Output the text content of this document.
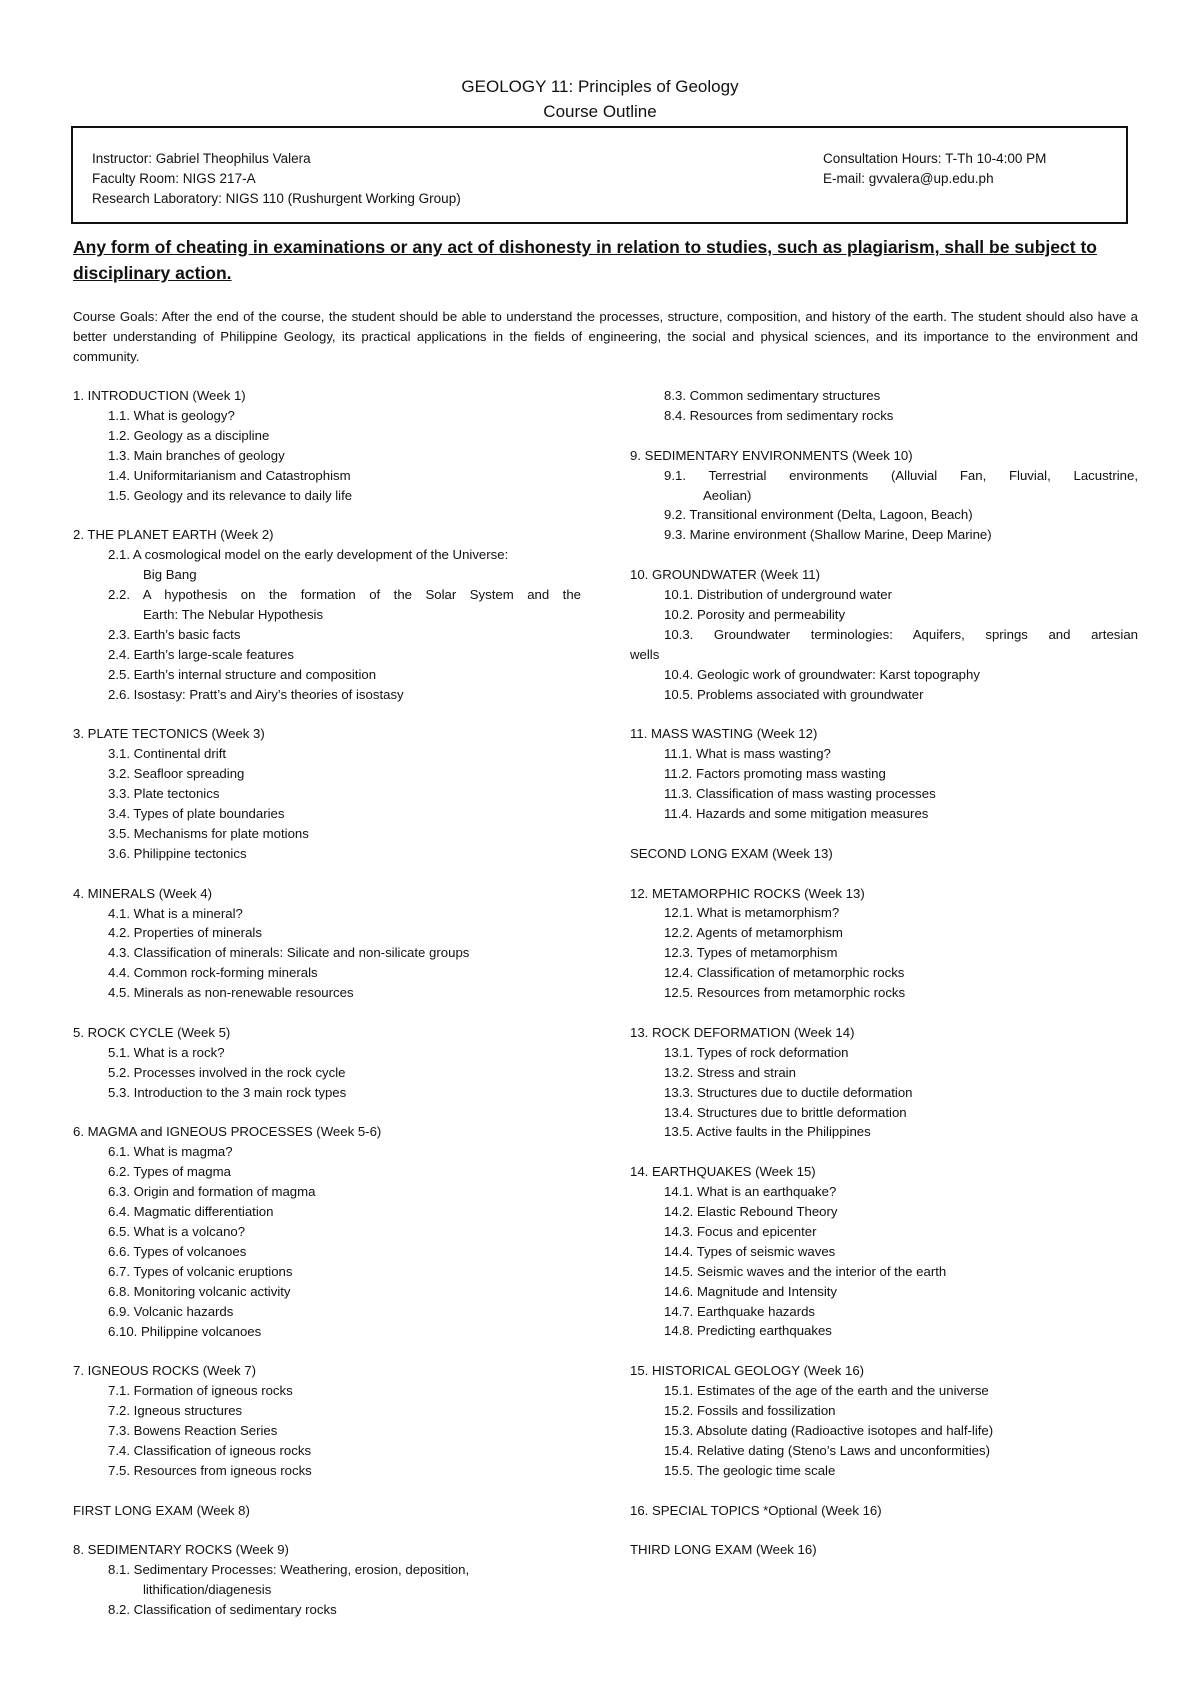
GEOLOGY 11: Principles of Geology
Course Outline
Instructor: Gabriel Theophilus Valera
Faculty Room: NIGS 217-A
Research Laboratory: NIGS 110 (Rushurgent Working Group)
Consultation Hours: T-Th 10-4:00 PM
E-mail: gvvalera@up.edu.ph
Any form of cheating in examinations or any act of dishonesty in relation to studies, such as plagiarism, shall be subject to disciplinary action.
Course Goals: After the end of the course, the student should be able to understand the processes, structure, composition, and history of the earth. The student should also have a better understanding of Philippine Geology, its practical applications in the fields of engineering, the social and physical sciences, and its importance to the environment and community.
1. INTRODUCTION (Week 1)
1.1. What is geology?
1.2. Geology as a discipline
1.3. Main branches of geology
1.4. Uniformitarianism and Catastrophism
1.5. Geology and its relevance to daily life
2. THE PLANET EARTH (Week 2)
2.1. A cosmological model on the early development of the Universe:
Big Bang
2.2. A hypothesis on the formation of the Solar System and the
Earth: The Nebular Hypothesis
2.3. Earth’s basic facts
2.4. Earth’s large-scale features
2.5. Earth’s internal structure and composition
2.6. Isostasy: Pratt’s and Airy’s theories of isostasy
3. PLATE TECTONICS (Week 3)
3.1. Continental drift
3.2. Seafloor spreading
3.3. Plate tectonics
3.4. Types of plate boundaries
3.5. Mechanisms for plate motions
3.6. Philippine tectonics
4. MINERALS (Week 4)
4.1. What is a mineral?
4.2. Properties of minerals
4.3. Classification of minerals: Silicate and non-silicate groups
4.4. Common rock-forming minerals
4.5. Minerals as non-renewable resources
5. ROCK CYCLE (Week 5)
5.1. What is a rock?
5.2. Processes involved in the rock cycle
5.3. Introduction to the 3 main rock types
6. MAGMA and IGNEOUS PROCESSES (Week 5-6)
6.1. What is magma?
6.2. Types of magma
6.3. Origin and formation of magma
6.4. Magmatic differentiation
6.5. What is a volcano?
6.6. Types of volcanoes
6.7. Types of volcanic eruptions
6.8. Monitoring volcanic activity
6.9. Volcanic hazards
6.10. Philippine volcanoes
7. IGNEOUS ROCKS (Week 7)
7.1. Formation of igneous rocks
7.2. Igneous structures
7.3. Bowens Reaction Series
7.4. Classification of igneous rocks
7.5. Resources from igneous rocks
FIRST LONG EXAM (Week 8)
8. SEDIMENTARY ROCKS (Week 9)
8.1. Sedimentary Processes: Weathering, erosion, deposition,
lithification/diagenesis
8.2. Classification of sedimentary rocks
8.3. Common sedimentary structures
8.4. Resources from sedimentary rocks
9. SEDIMENTARY ENVIRONMENTS (Week 10)
9.1.  Terrestrial  environments  (Alluvial  Fan,  Fluvial,  Lacustrine,
Aeolian)
9.2. Transitional environment (Delta, Lagoon, Beach)
9.3. Marine environment (Shallow Marine, Deep Marine)
10. GROUNDWATER (Week 11)
10.1. Distribution of underground water
10.2. Porosity and permeability
10.3.  Groundwater  terminologies:  Aquifers,  springs  and  artesian
wells
10.4. Geologic work of groundwater: Karst topography
10.5. Problems associated with groundwater
11. MASS WASTING (Week 12)
11.1. What is mass wasting?
11.2. Factors promoting mass wasting
11.3. Classification of mass wasting processes
11.4. Hazards and some mitigation measures
SECOND LONG EXAM (Week 13)
12. METAMORPHIC ROCKS (Week 13)
12.1. What is metamorphism?
12.2. Agents of metamorphism
12.3. Types of metamorphism
12.4. Classification of metamorphic rocks
12.5. Resources from metamorphic rocks
13. ROCK DEFORMATION (Week 14)
13.1. Types of rock deformation
13.2. Stress and strain
13.3. Structures due to ductile deformation
13.4. Structures due to brittle deformation
13.5. Active faults in the Philippines
14. EARTHQUAKES (Week 15)
14.1. What is an earthquake?
14.2. Elastic Rebound Theory
14.3. Focus and epicenter
14.4. Types of seismic waves
14.5. Seismic waves and the interior of the earth
14.6. Magnitude and Intensity
14.7. Earthquake hazards
14.8. Predicting earthquakes
15. HISTORICAL GEOLOGY (Week 16)
15.1. Estimates of the age of the earth and the universe
15.2. Fossils and fossilization
15.3. Absolute dating (Radioactive isotopes and half-life)
15.4. Relative dating (Steno’s Laws and unconformities)
15.5. The geologic time scale
16. SPECIAL TOPICS *Optional (Week 16)
THIRD LONG EXAM (Week 16)
